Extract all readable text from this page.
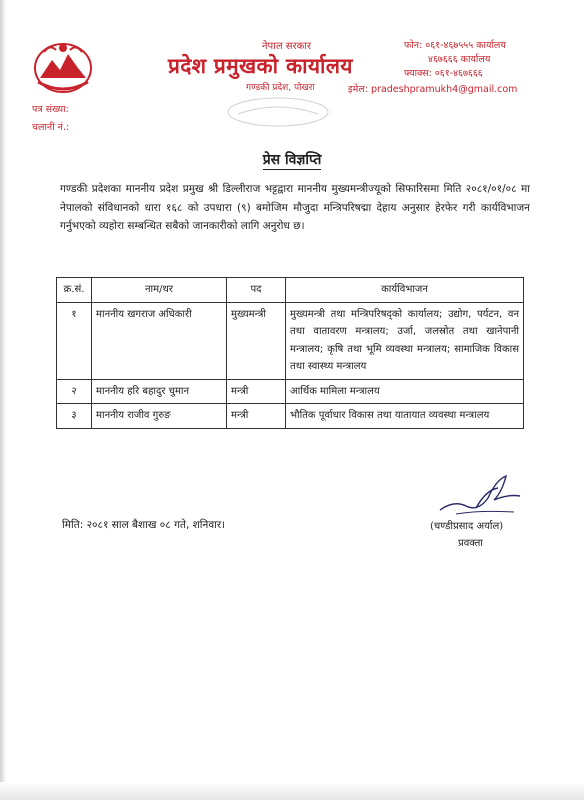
नेपाल सरकार
प्रदेश प्रमुखको कार्यालय
गण्डकी प्रदेश, पोखरा
फोन: ०६१-४६७५५५ कार्यालय
४६७६६६ कार्यालय
फ्याक्स: ०६१-४६७६६६
इमेल: pradeshpramukh4@gmail.com
पत्र संख्या:
चलानी नं.:
प्रेस विज्ञप्ति
गण्डकी प्रदेशका माननीय प्रदेश प्रमुख श्री डिल्लीराज भट्टद्वारा माननीय मुख्यमन्त्रीज्यूको सिफारिसमा मिति २०८१/०१/०८ मा नेपालको संविधानको धारा १६८ को उपधारा (९) बमोजिम मौजुदा मन्त्रिपरिषद्मा देहाय अनुसार हेरफेर गरी कार्यविभाजन गर्नुभएको व्यहोरा सम्बन्धित सबैको जानकारीको लागि अनुरोध छ।
क्र.सं.	नाम/थर	पद	कार्यविभाजन
१	माननीय खगराज अधिकारी	मुख्यमन्त्री	मुख्यमन्त्री तथा मन्त्रिपरिषद्को कार्यालय; उद्योग, पर्यटन, वन तथा वातावरण मन्त्रालय; उर्जा, जलस्रोत तथा खानेपानी मन्त्रालय; कृषि तथा भूमि व्यवस्था मन्त्रालय; सामाजिक विकास तथा स्वास्थ्य मन्त्रालय
२	माननीय हरि बहादुर चुमान	मन्त्री	आर्थिक मामिला मन्त्रालय
३	माननीय राजीव गुरुङ	मन्त्री	भौतिक पूर्वाधार विकास तथा यातायात व्यवस्था मन्त्रालय
मिति: २०८१ साल बैशाख ०८ गते, शनिवार।	(चण्डीप्रसाद अर्याल)
प्रवक्ता
